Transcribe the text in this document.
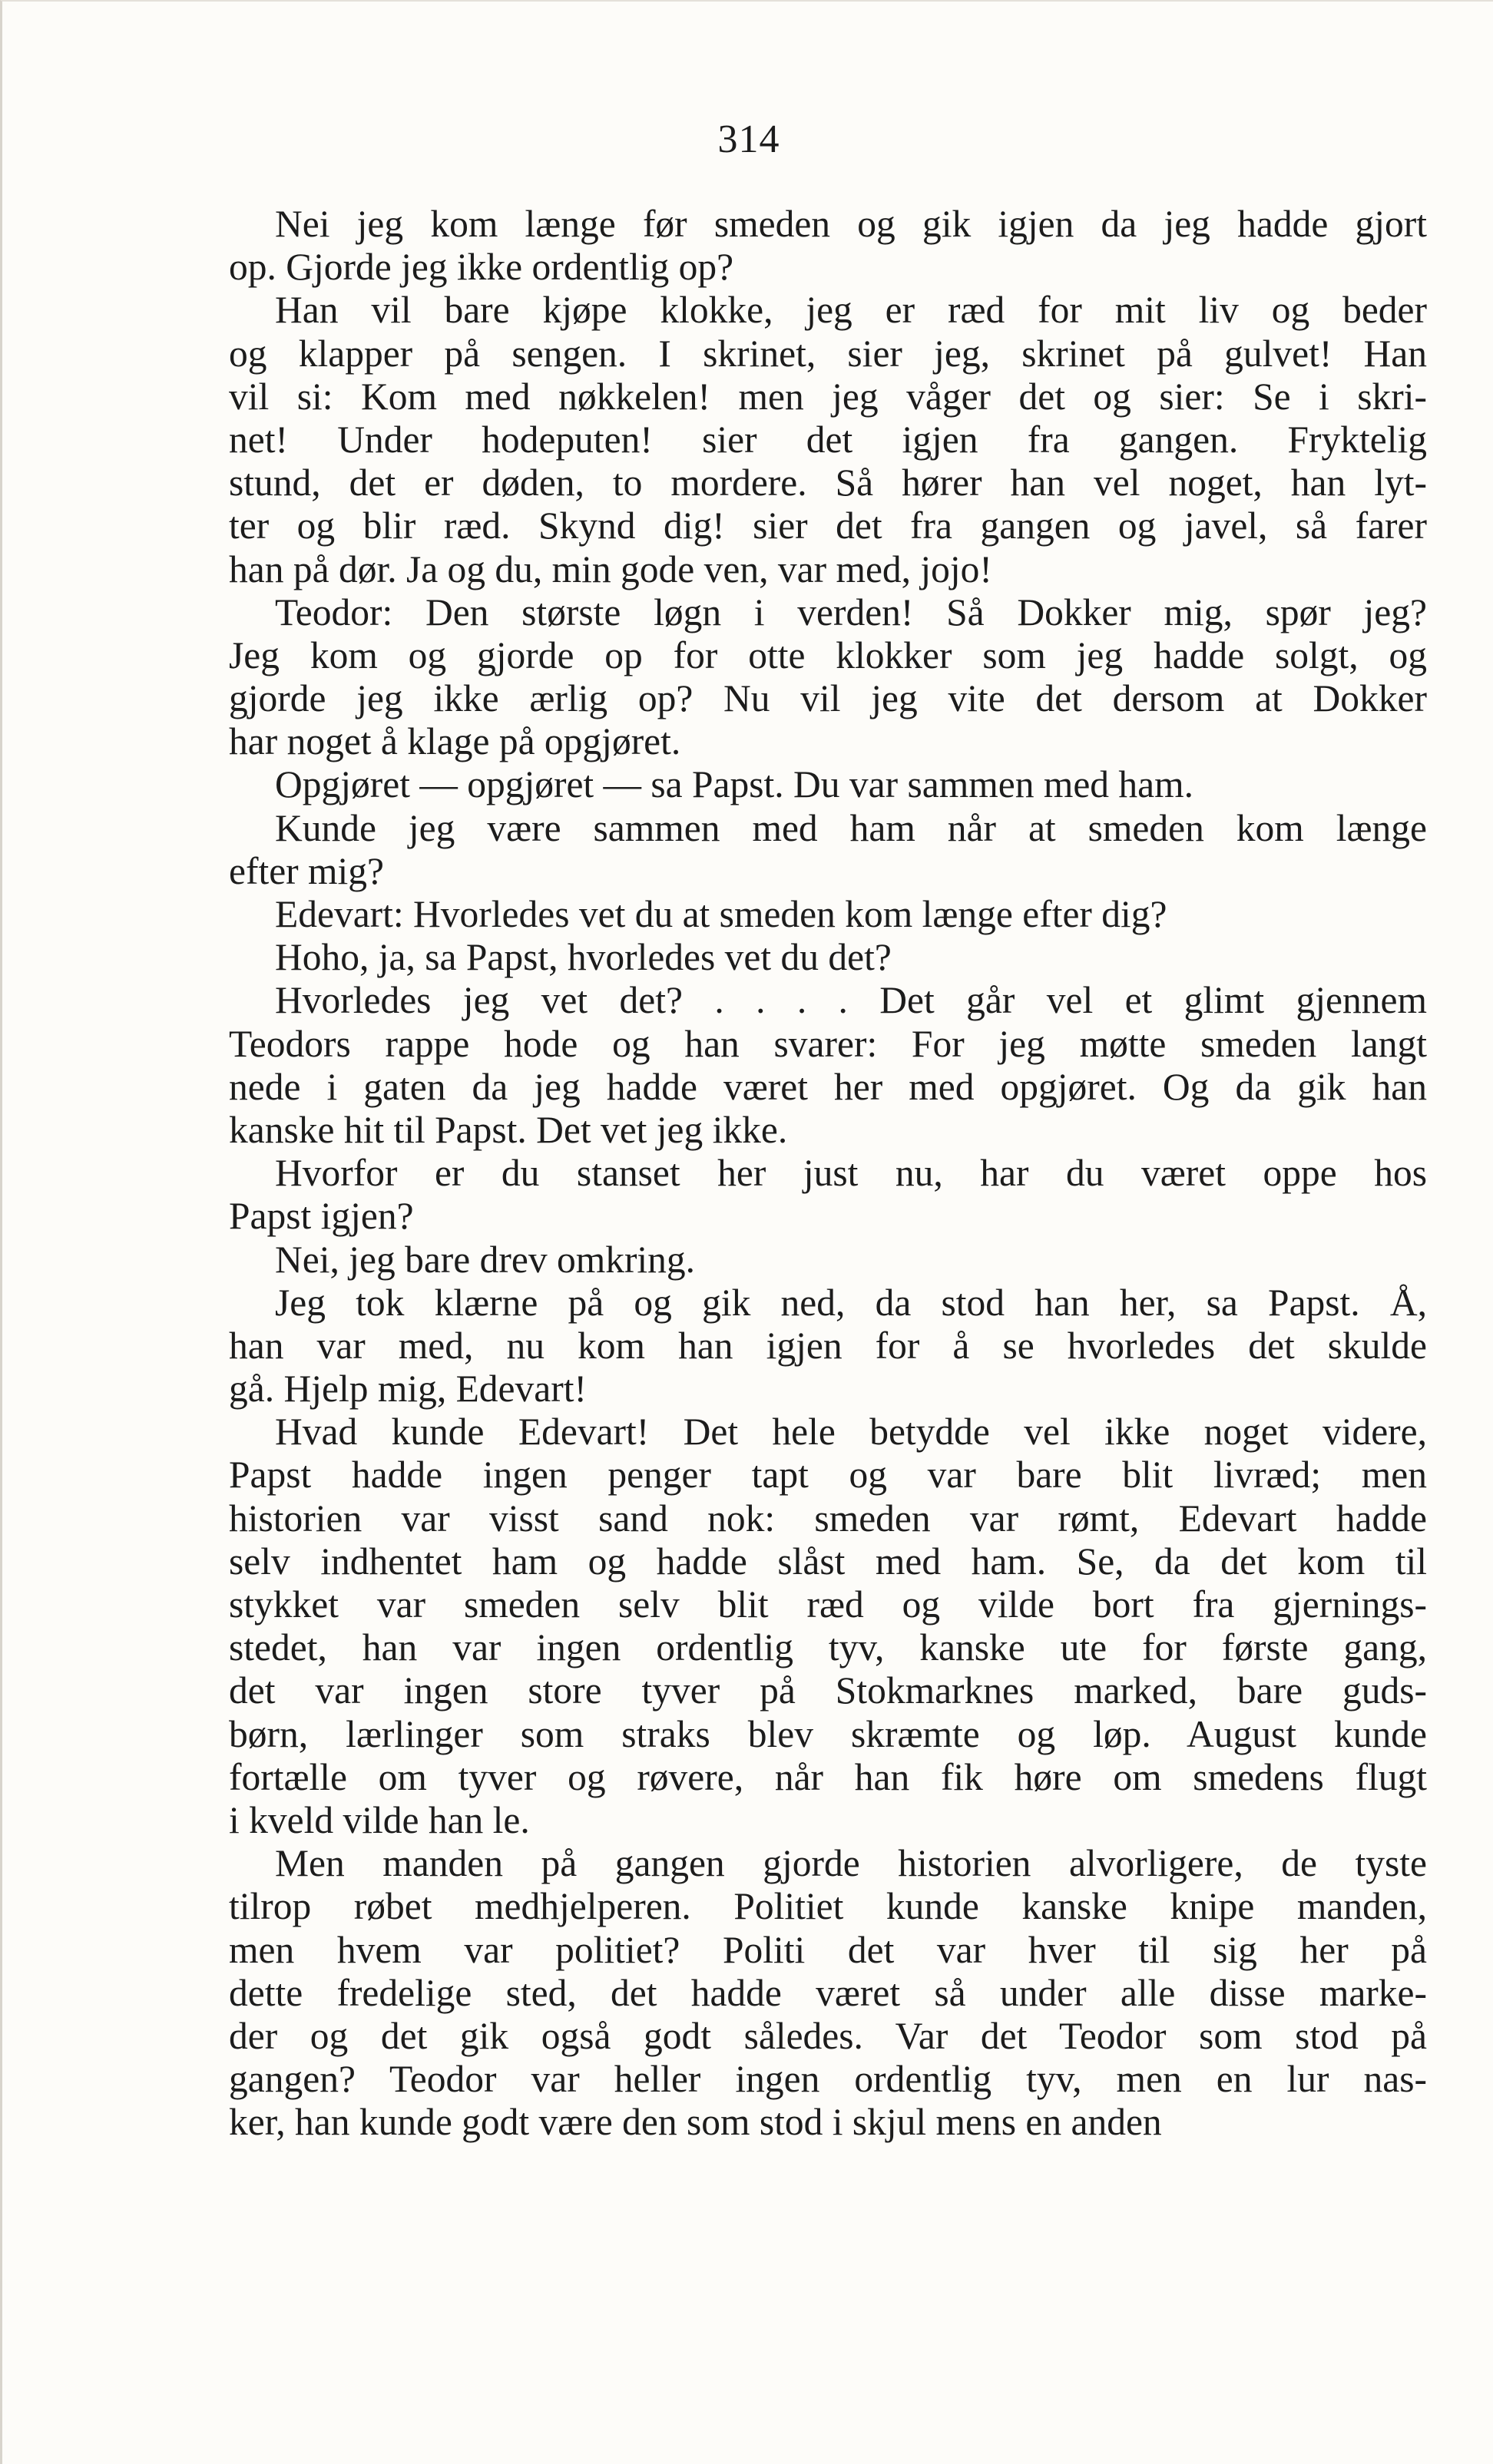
314
Nei jeg kom længe før smeden og gik igjen da jeg hadde gjort
op. Gjorde jeg ikke ordentlig op?
Han vil bare kjøpe klokke, jeg er ræd for mit liv og beder
og klapper på sengen. I skrinet, sier jeg, skrinet på gulvet! Han
vil si: Kom med nøkkelen! men jeg våger det og sier: Se i skri-
net! Under hodeputen! sier det igjen fra gangen. Fryktelig
stund, det er døden, to mordere. Så hører han vel noget, han lyt-
ter og blir ræd. Skynd dig! sier det fra gangen og javel, så farer
han på dør. Ja og du, min gode ven, var med, jojo!
Teodor: Den største løgn i verden! Så Dokker mig, spør jeg?
Jeg kom og gjorde op for otte klokker som jeg hadde solgt, og
gjorde jeg ikke ærlig op? Nu vil jeg vite det dersom at Dokker
har noget å klage på opgjøret.
Opgjøret — opgjøret — sa Papst. Du var sammen med ham.
Kunde jeg være sammen med ham når at smeden kom længe
efter mig?
Edevart: Hvorledes vet du at smeden kom længe efter dig?
Hoho, ja, sa Papst, hvorledes vet du det?
Hvorledes jeg vet det? . . . . Det går vel et glimt gjennem
Teodors rappe hode og han svarer: For jeg møtte smeden langt
nede i gaten da jeg hadde været her med opgjøret. Og da gik han
kanske hit til Papst. Det vet jeg ikke.
Hvorfor er du stanset her just nu, har du været oppe hos
Papst igjen?
Nei, jeg bare drev omkring.
Jeg tok klærne på og gik ned, da stod han her, sa Papst. Å,
han var med, nu kom han igjen for å se hvorledes det skulde
gå. Hjelp mig, Edevart!
Hvad kunde Edevart! Det hele betydde vel ikke noget videre,
Papst hadde ingen penger tapt og var bare blit livræd; men
historien var visst sand nok: smeden var rømt, Edevart hadde
selv indhentet ham og hadde slåst med ham. Se, da det kom til
stykket var smeden selv blit ræd og vilde bort fra gjernings-
stedet, han var ingen ordentlig tyv, kanske ute for første gang,
det var ingen store tyver på Stokmarknes marked, bare guds-
børn, lærlinger som straks blev skræmte og løp. August kunde
fortælle om tyver og røvere, når han fik høre om smedens flugt
i kveld vilde han le.
Men manden på gangen gjorde historien alvorligere, de tyste
tilrop røbet medhjelperen. Politiet kunde kanske knipe manden,
men hvem var politiet? Politi det var hver til sig her på
dette fredelige sted, det hadde været så under alle disse marke-
der og det gik også godt således. Var det Teodor som stod på
gangen? Teodor var heller ingen ordentlig tyv, men en lur nas-
ker, han kunde godt være den som stod i skjul mens en anden
